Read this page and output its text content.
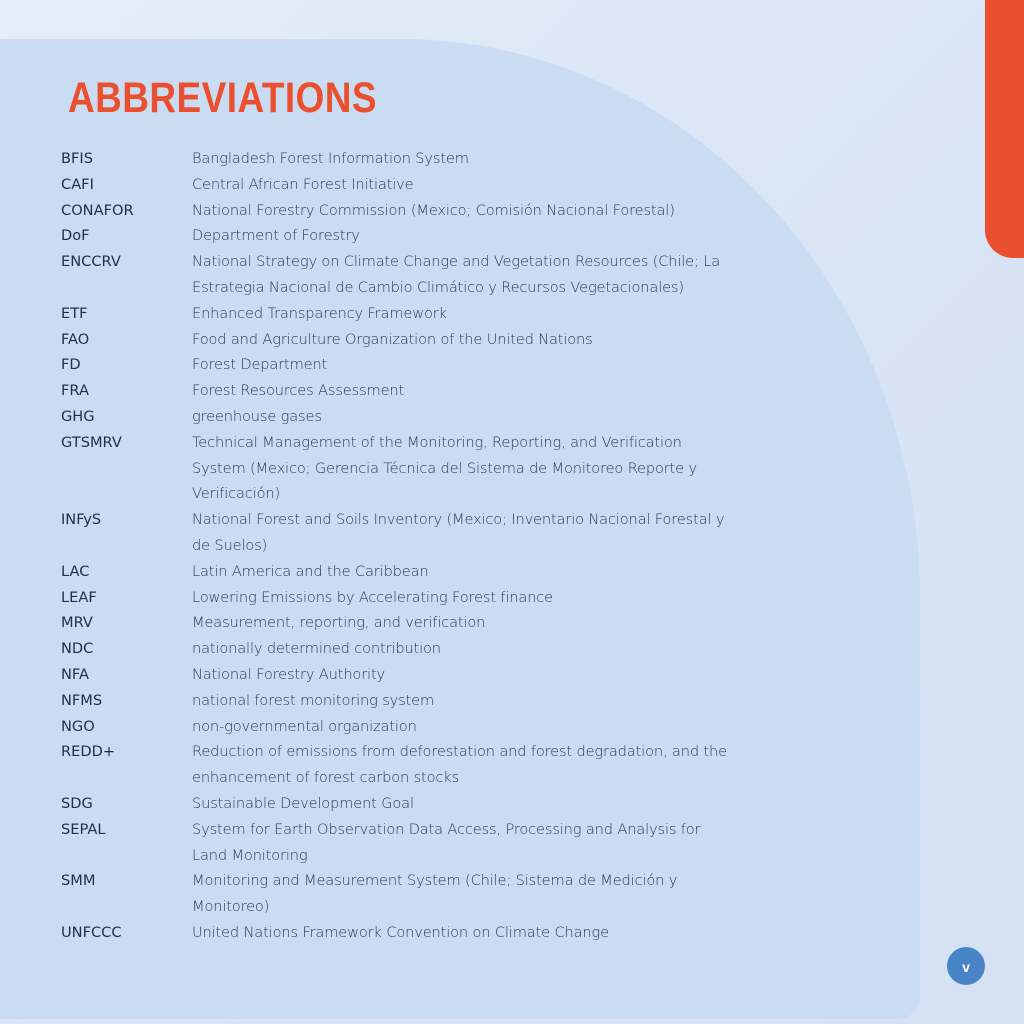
ABBREVIATIONS
BFIS	Bangladesh Forest Information System
CAFI	Central African Forest Initiative
CONAFOR	National Forestry Commission (Mexico; Comisión Nacional Forestal)
DoF	Department of Forestry
ENCCRV	National Strategy on Climate Change and Vegetation Resources (Chile; La Estrategia Nacional de Cambio Climático y Recursos Vegetacionales)
ETF	Enhanced Transparency Framework
FAO	Food and Agriculture Organization of the United Nations
FD	Forest Department
FRA	Forest Resources Assessment
GHG	greenhouse gases
GTSMRV	Technical Management of the Monitoring, Reporting, and Verification System (Mexico; Gerencia Técnica del Sistema de Monitoreo Reporte y Verificación)
INFyS	National Forest and Soils Inventory (Mexico; Inventario Nacional Forestal y de Suelos)
LAC	Latin America and the Caribbean
LEAF	Lowering Emissions by Accelerating Forest finance
MRV	Measurement, reporting, and verification
NDC	nationally determined contribution
NFA	National Forestry Authority
NFMS	national forest monitoring system
NGO	non-governmental organization
REDD+	Reduction of emissions from deforestation and forest degradation, and the enhancement of forest carbon stocks
SDG	Sustainable Development Goal
SEPAL	System for Earth Observation Data Access, Processing and Analysis for Land Monitoring
SMM	Monitoring and Measurement System (Chile; Sistema de Medición y Monitoreo)
UNFCCC	United Nations Framework Convention on Climate Change
v
